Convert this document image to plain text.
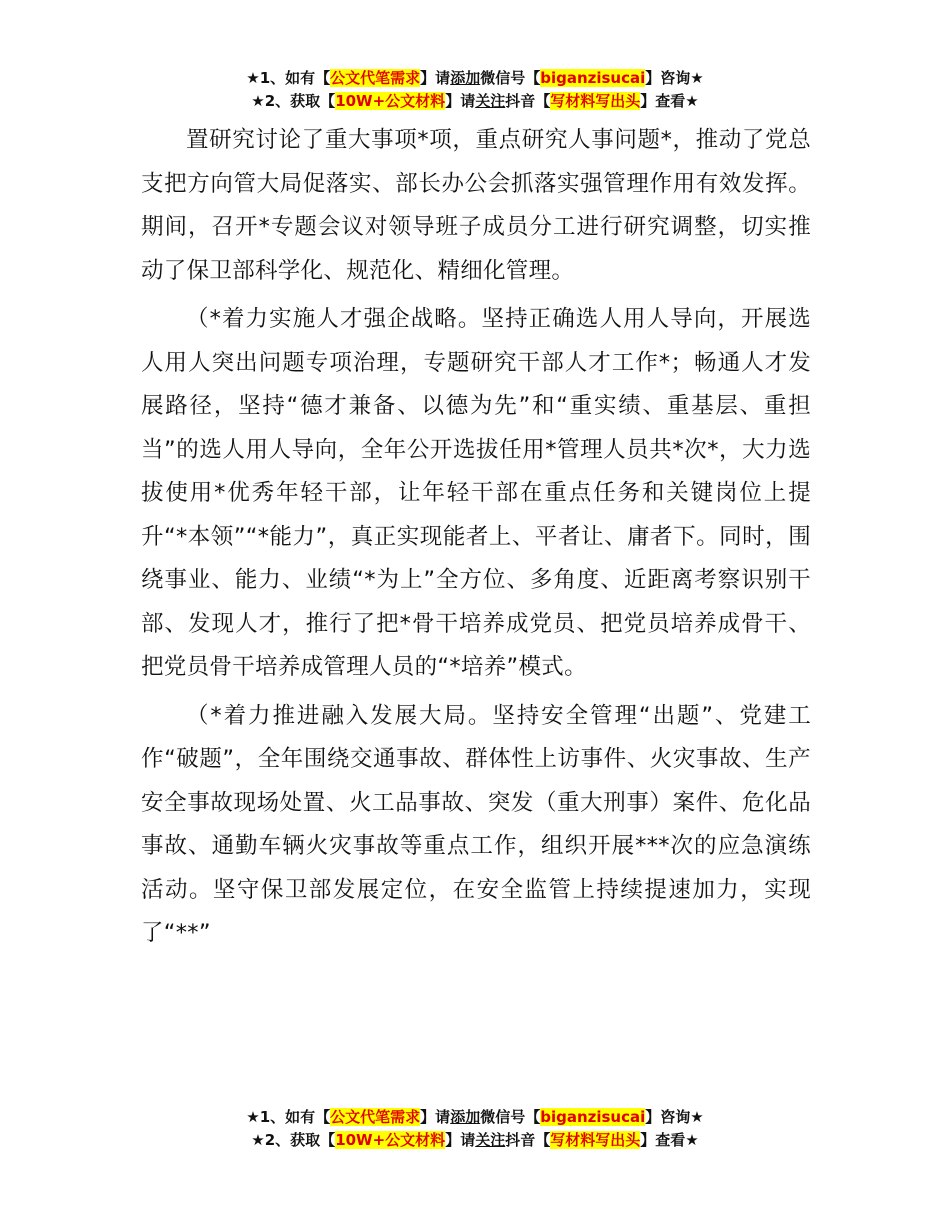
★1、如有【公文代笔需求】请添加微信号【biganzisucai】咨询★
★2、获取【10W+公文材料】请关注抖音【写材料写出头】查看★

置研究讨论了重大事项*项，重点研究人事问题*，推动了党总支把方向管大局促落实、部长办公会抓落实强管理作用有效发挥。期间，召开*专题会议对领导班子成员分工进行研究调整，切实推动了保卫部科学化、规范化、精细化管理。

（*着力实施人才强企战略。坚持正确选人用人导向，开展选人用人突出问题专项治理，专题研究干部人才工作*；畅通人才发展路径，坚持“德才兼备、以德为先”和“重实绩、重基层、重担当”的选人用人导向，全年公开选拔任用*管理人员共*次*，大力选拔使用*优秀年轻干部，让年轻干部在重点任务和关键岗位上提升“*本领”“*能力”，真正实现能者上、平者让、庸者下。同时，围绕事业、能力、业绩“*为上”全方位、多角度、近距离考察识别干部、发现人才，推行了把*骨干培养成党员、把党员培养成骨干、把党员骨干培养成管理人员的“*培养”模式。

（*着力推进融入发展大局。坚持安全管理“出题”、党建工作“破题”，全年围绕交通事故、群体性上访事件、火灾事故、生产安全事故现场处置、火工品事故、突发（重大刑事）案件、危化品事故、通勤车辆火灾事故等重点工作，组织开展***次的应急演练活动。坚守保卫部发展定位，在安全监管上持续提速加力，实现了“**”

★1、如有【公文代笔需求】请添加微信号【biganzisucai】咨询★
★2、获取【10W+公文材料】请关注抖音【写材料写出头】查看★
